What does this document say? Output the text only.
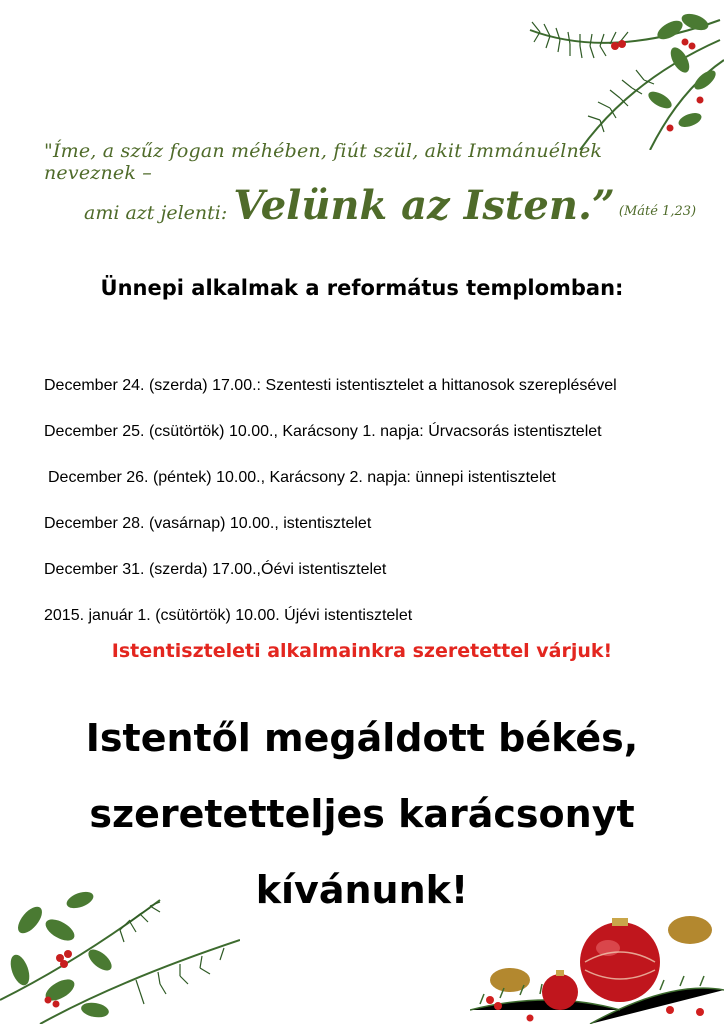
"Íme, a szűz fogan méhében, fiút szül, akit Immánuélnek neveznek –
ami azt jelenti: Velünk az Isten.” $^{(Máté 1,23)}$
Ünnepi alkalmak a református templomban:
December 24. (szerda) 17.00.: Szentesti istentisztelet a hittanosok szereplésével
December 25. (csütörtök) 10.00., Karácsony 1. napja: Úrvacsorás istentisztelet
December 26. (péntek) 10.00., Karácsony 2. napja: ünnepi istentisztelet
December 28. (vasárnap) 10.00., istentisztelet
December 31. (szerda) 17.00.,Óévi istentisztelet
2015. január 1. (csütörtök) 10.00. Újévi istentisztelet
Istentiszteleti alkalmainkra szeretettel várjuk!
Istentől megáldott békés,
szeretetteljes karácsonyt
kívánunk!
